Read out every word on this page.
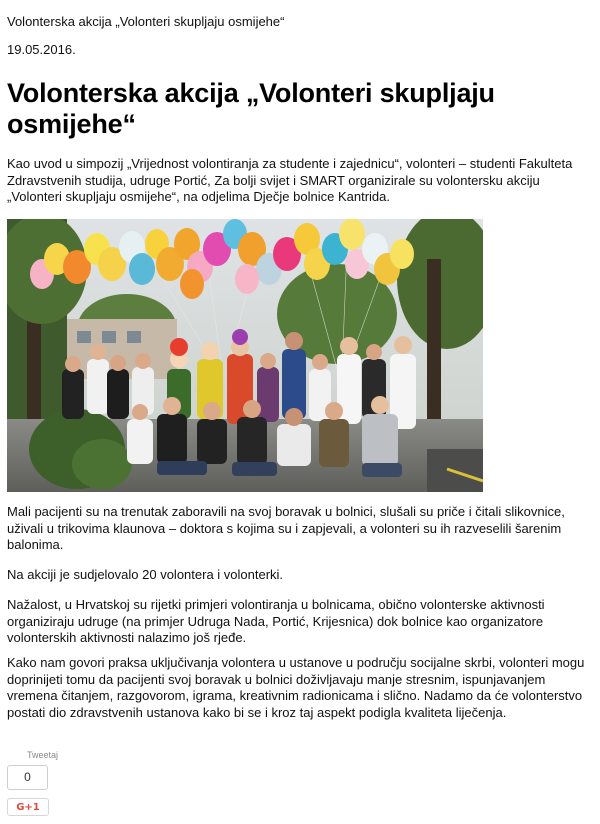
Volonterska akcija „Volonteri skupljaju osmijehe“
19.05.2016.
Volonterska akcija „Volonteri skupljaju osmijehe“

Kao uvod u simpozij „Vrijednost volontiranja za studente i zajednicu“, volonteri – studenti Fakulteta Zdravstvenih studija, udruge Portić, Za bolji svijet i SMART organizirale su volontersku akciju „Volonteri skupljaju osmijehe“, na odjelima Dječje bolnice Kantrida.

Mali pacijenti su na trenutak zaboravili na svoj boravak u bolnici, slušali su priče i čitali slikovnice, uživali u trikovima klaunova – doktora s kojima su i zapjevali, a volonteri su ih razveselili šarenim balonima.

Na akciji je sudjelovalo 20 volontera i volonterki.

Nažalost, u Hrvatskoj su rijetki primjeri volontiranja u bolnicama, obično volonterske aktivnosti organiziraju udruge (na primjer Udruga Nada, Portić, Krijesnica) dok bolnice kao organizatore volonterskih aktivnosti nalazimo još rjeđe.

Kako nam govori praksa uključivanja volontera u ustanove u području socijalne skrbi, volonteri mogu doprinijeti tomu da pacijenti svoj boravak u bolnici doživljavaju manje stresnim, ispunjavanjem vremena čitanjem, razgovorom, igrama, kreativnim radionicama i slično. Nadamo da će volonterstvo postati dio zdravstvenih ustanova kako bi se i kroz taj aspekt podigla kvaliteta liječenja.

Tweetaj
0
G+1
